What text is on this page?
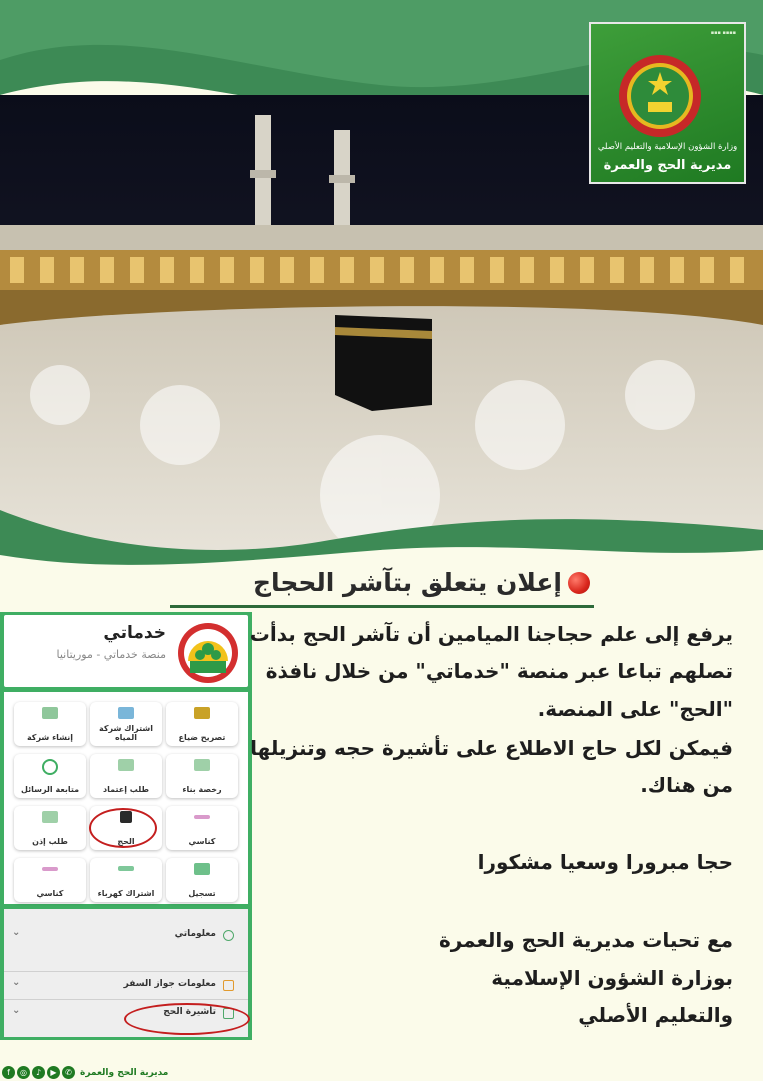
▪▪▪ ▪▪▪▪
وزارة الشؤون الإسلامية والتعليم الأصلي
مديرية الحج والعمرة
إعلان يتعلق بتآشر الحجاج
خدماتي
منصة خدماتي - موريتانيا
تصريح ضياع
اشتراك شركة المياه
إنشاء شركة
رخصة بناء
طلب إعتماد
متابعة الرسائل
كناسي
الحج
طلب إذن
تسجيل
اشتراك كهرباء
كناسي
معلوماتي
⌄
معلومات جواز السفر
⌄
تأشيرة الحج
⌄
يرفع إلى علم حجاجنا الميامين أن تآشر الحج بدأت
تصلهم تباعا عبر منصة "خدماتي" من خلال نافذة
"الحج" على المنصة.
فيمكن لكل حاج الاطلاع على تأشيرة حجه وتنزيلها
من هناك.
حجا مبرورا وسعيا مشكورا
مع تحيات مديرية الحج والعمرة
بوزارة الشؤون الإسلامية
والتعليم الأصلي
f ◎ ♪ ▶ ✆ مديرية الحج والعمرة
